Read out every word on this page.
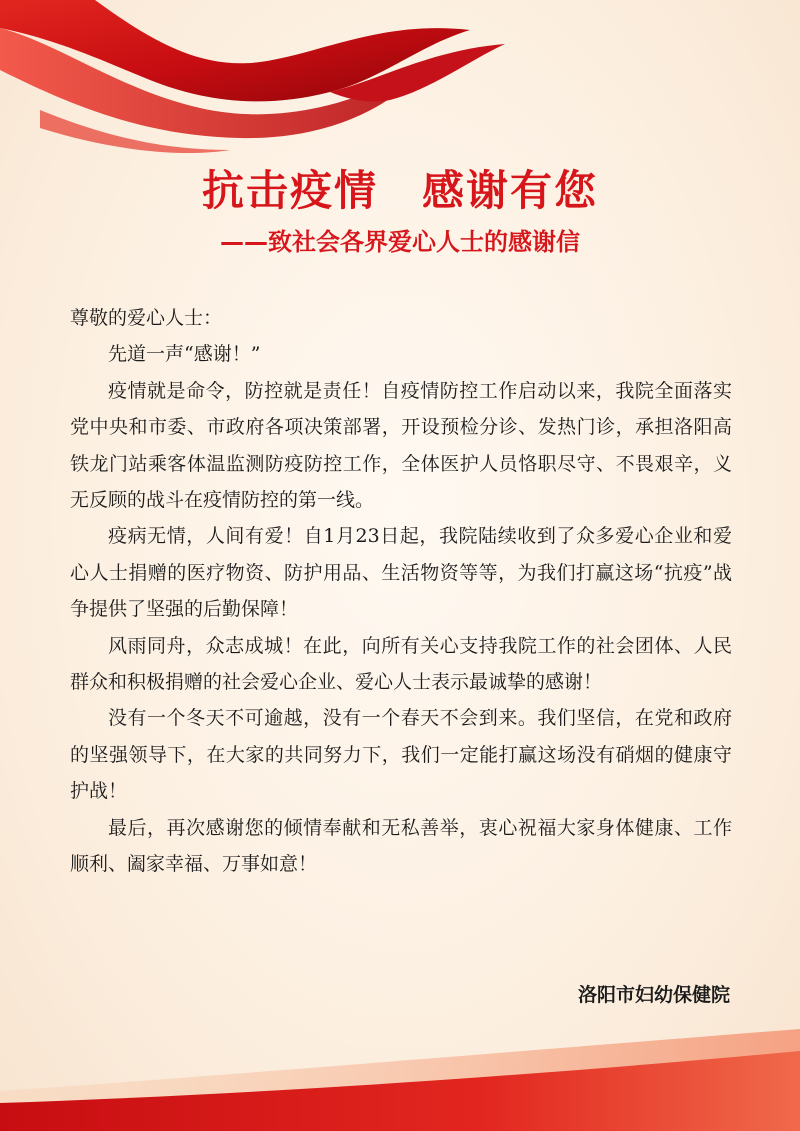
抗击疫情　感谢有您
——致社会各界爱心人士的感谢信

尊敬的爱心人士：

先道一声“感谢！”

疫情就是命令，防控就是责任！自疫情防控工作启动以来，我院全面落实党中央和市委、市政府各项决策部署，开设预检分诊、发热门诊，承担洛阳高铁龙门站乘客体温监测防疫防控工作，全体医护人员恪职尽守、不畏艰辛，义无反顾的战斗在疫情防控的第一线。

疫病无情，人间有爱！自1月23日起，我院陆续收到了众多爱心企业和爱心人士捐赠的医疗物资、防护用品、生活物资等等，为我们打赢这场“抗疫”战争提供了坚强的后勤保障！

风雨同舟，众志成城！在此，向所有关心支持我院工作的社会团体、人民群众和积极捐赠的社会爱心企业、爱心人士表示最诚挚的感谢！

没有一个冬天不可逾越，没有一个春天不会到来。我们坚信，在党和政府的坚强领导下，在大家的共同努力下，我们一定能打赢这场没有硝烟的健康守护战！

最后，再次感谢您的倾情奉献和无私善举，衷心祝福大家身体健康、工作顺利、阖家幸福、万事如意！

洛阳市妇幼保健院
